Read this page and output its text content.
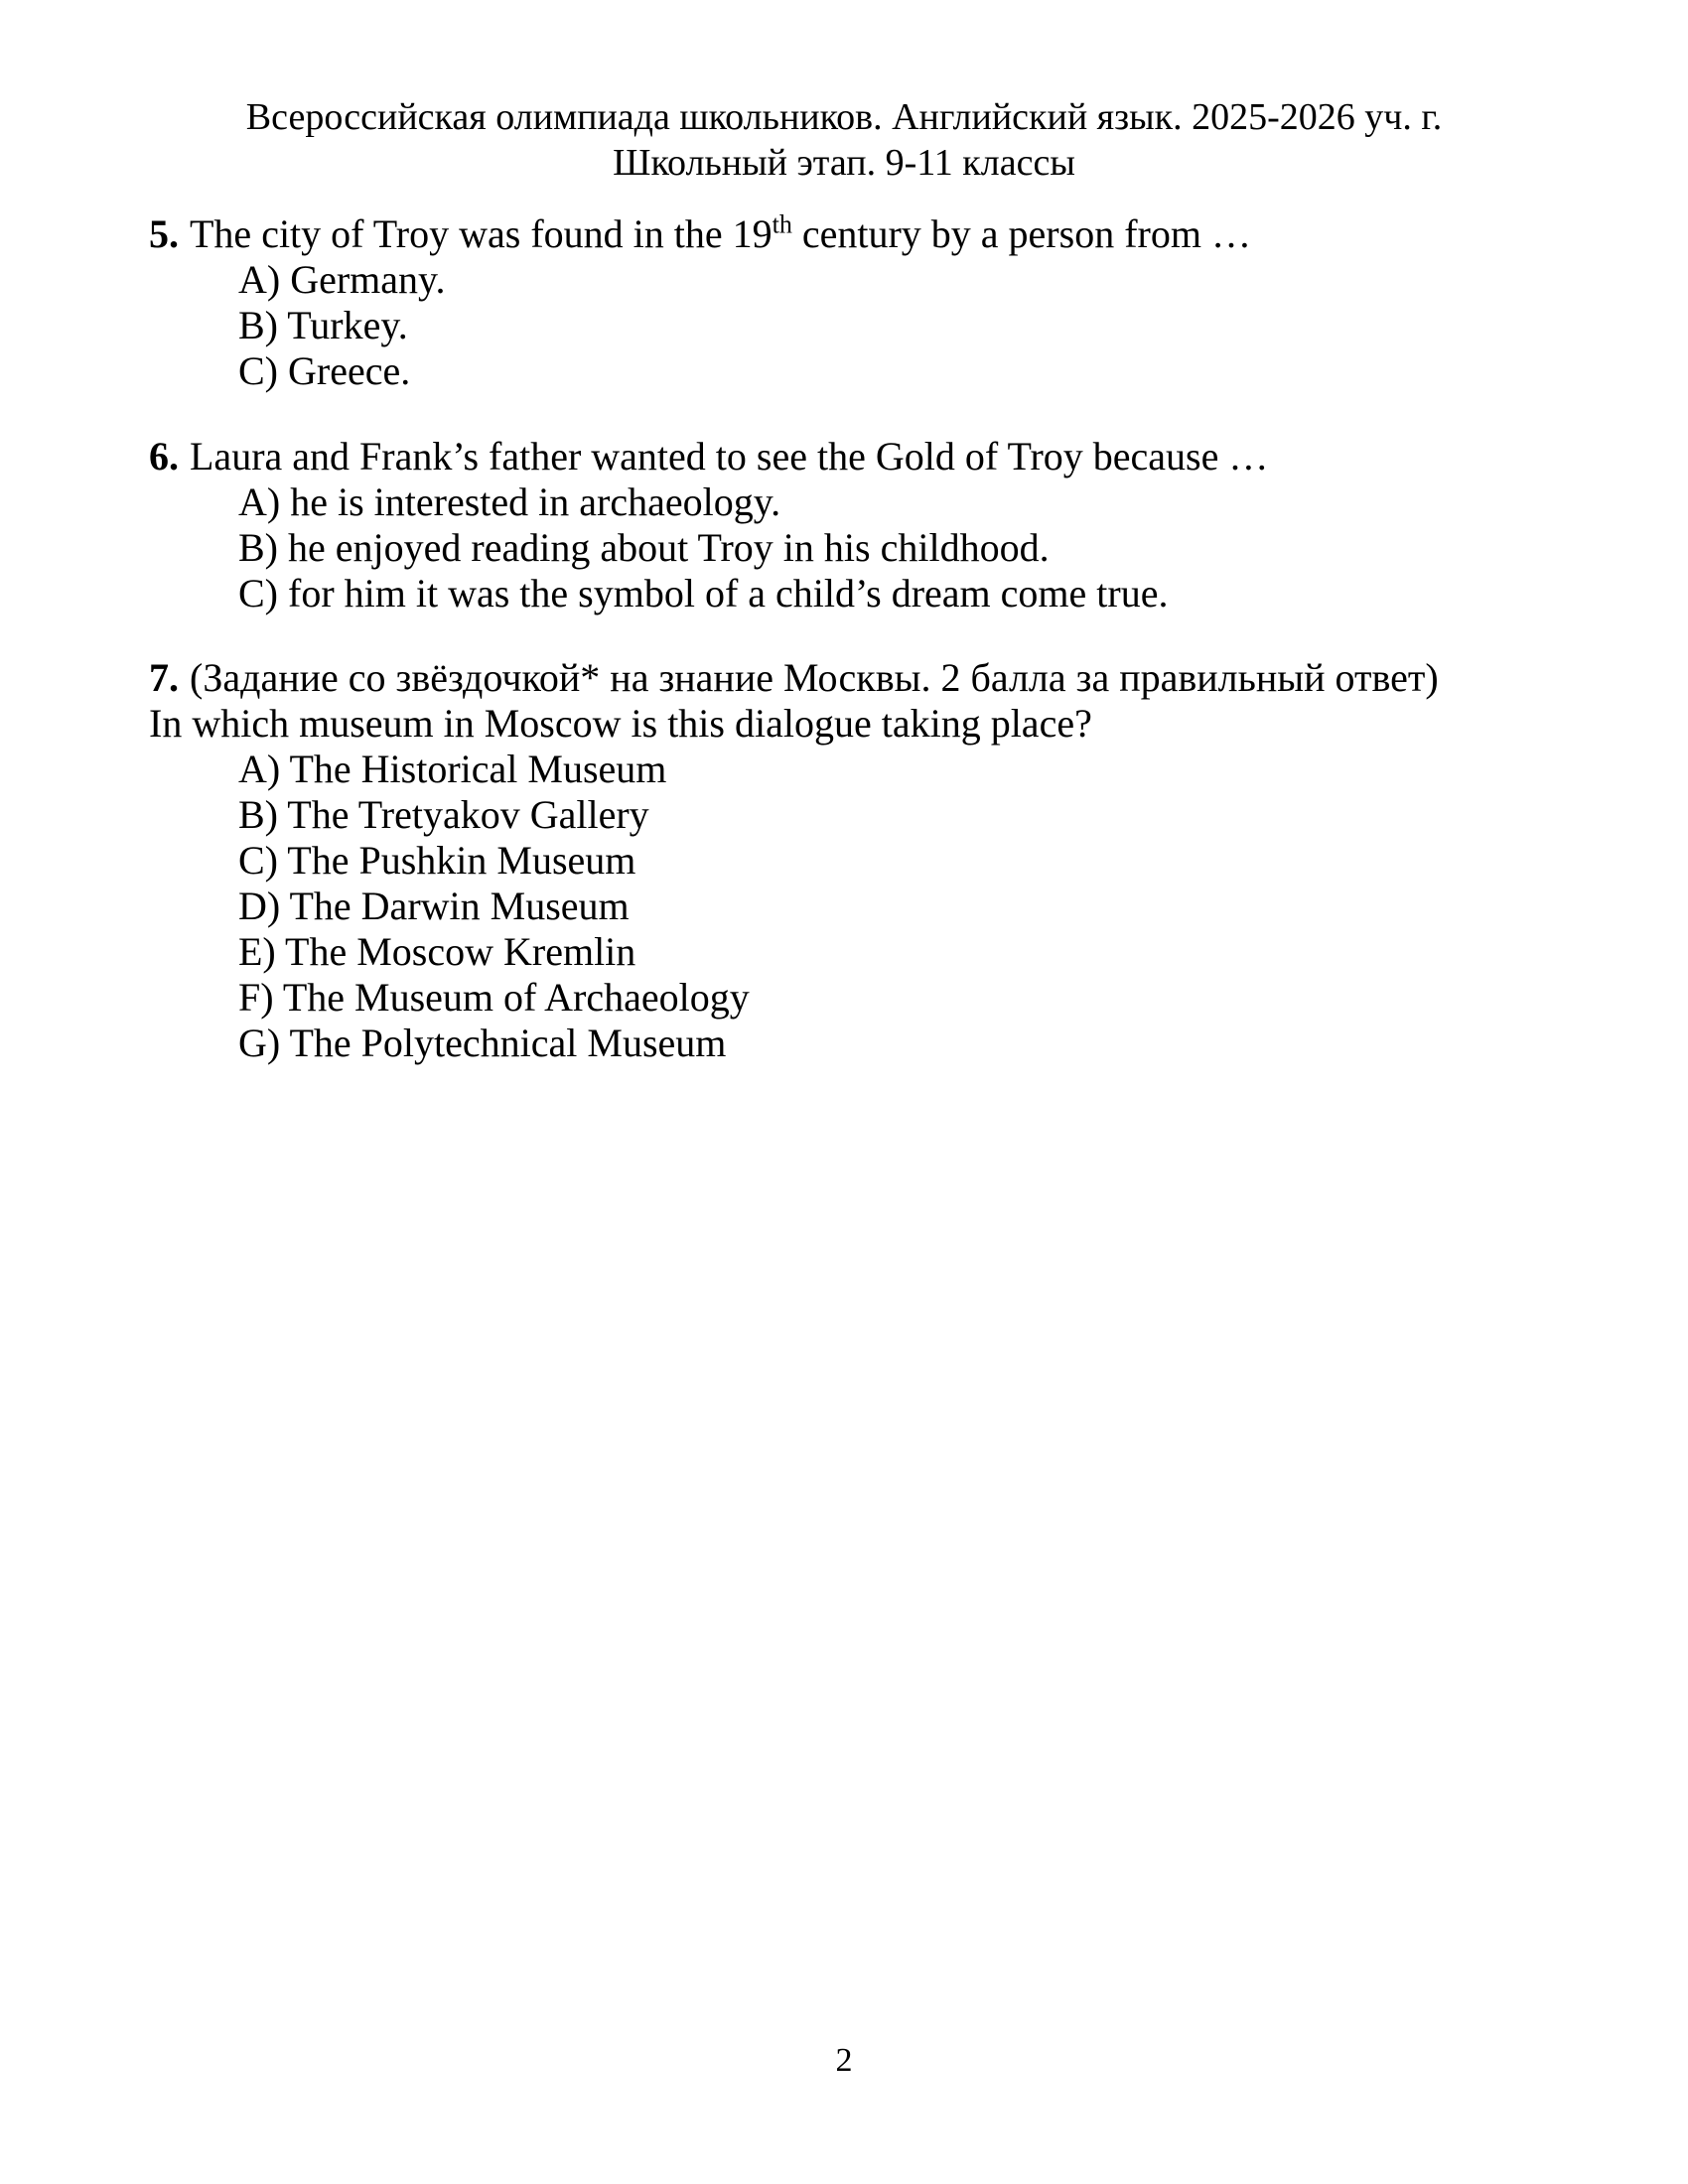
Всероссийская олимпиада школьников. Английский язык. 2025-2026 уч. г.
Школьный этап. 9-11 классы

5. The city of Troy was found in the 19th century by a person from …

A) Germany.
B) Turkey.
C) Greece.

6. Laura and Frank’s father wanted to see the Gold of Troy because …

A) he is interested in archaeology.
B) he enjoyed reading about Troy in his childhood.
C) for him it was the symbol of a child’s dream come true.

7. (Задание со звёздочкой* на знание Москвы. 2 балла за правильный ответ)

In which museum in Moscow is this dialogue taking place?

A) The Historical Museum
B) The Tretyakov Gallery
C) The Pushkin Museum
D) The Darwin Museum
E) The Moscow Kremlin
F) The Museum of Archaeology
G) The Polytechnical Museum
2
